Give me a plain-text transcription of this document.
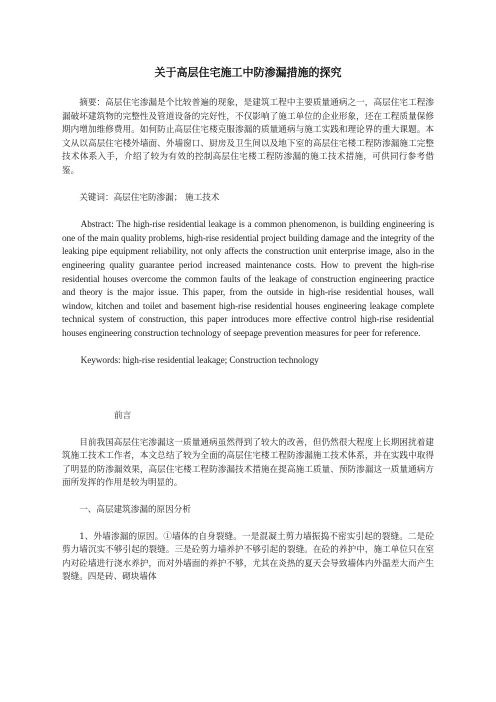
关于高层住宅施工中防渗漏措施的探究

摘要：高层住宅渗漏是个比较普遍的现象，是建筑工程中主要质量通病之一，高层住宅工程渗漏破坏建筑物的完整性及管道设备的完好性，不仅影响了施工单位的企业形象，还在工程质量保修期内增加维修费用。如何防止高层住宅楼克服渗漏的质量通病与施工实践和理论界的重大课题。本文从以高层住宅楼外墙面、外墙窗口、厨房及卫生间以及地下室的高层住宅楼工程防渗漏施工完整技术体系入手，介绍了较为有效的控制高层住宅楼工程防渗漏的施工技术措施，可供同行参考借鉴。

关键词：高层住宅防渗漏； 施工技术

Abstract: The high-rise residential leakage is a common phenomenon, is building engineering is one of the main quality problems, high-rise residential project building damage and the integrity of the leaking pipe equipment reliability, not only affects the construction unit enterprise image, also in the engineering quality guarantee period increased maintenance costs. How to prevent the high-rise residential houses overcome the common faults of the leakage of construction engineering practice and theory is the major issue. This paper, from the outside in high-rise residential houses, wall window, kitchen and toilet and basement high-rise residential houses engineering leakage complete technical system of construction, this paper introduces more effective control high-rise residential houses engineering construction technology of seepage prevention measures for peer for reference.

Keywords: high-rise residential leakage; Construction technology

前言

目前我国高层住宅渗漏这一质量通病虽然得到了较大的改善，但仍然很大程度上长期困扰着建筑施工技术工作者，本文总结了较为全面的高层住宅楼工程防渗漏施工技术体系，并在实践中取得了明显的防渗漏效果，高层住宅楼工程防渗漏技术措施在提高施工质量、预防渗漏这一质量通病方面所发挥的作用是较为明显的。

一、高层建筑渗漏的原因分析

1、外墙渗漏的原因。①墙体的自身裂缝。一是混凝土剪力墙振捣不密实引起的裂缝。二是砼剪力墙沉实不够引起的裂缝。三是砼剪力墙养护不够引起的裂缝。在砼的养护中，施工单位只在室内对砼墙进行浇水养护，而对外墙面的养护不够，尤其在炎热的夏天会导致墙体内外温差大而产生裂缝。四是砖、砌块墙体
